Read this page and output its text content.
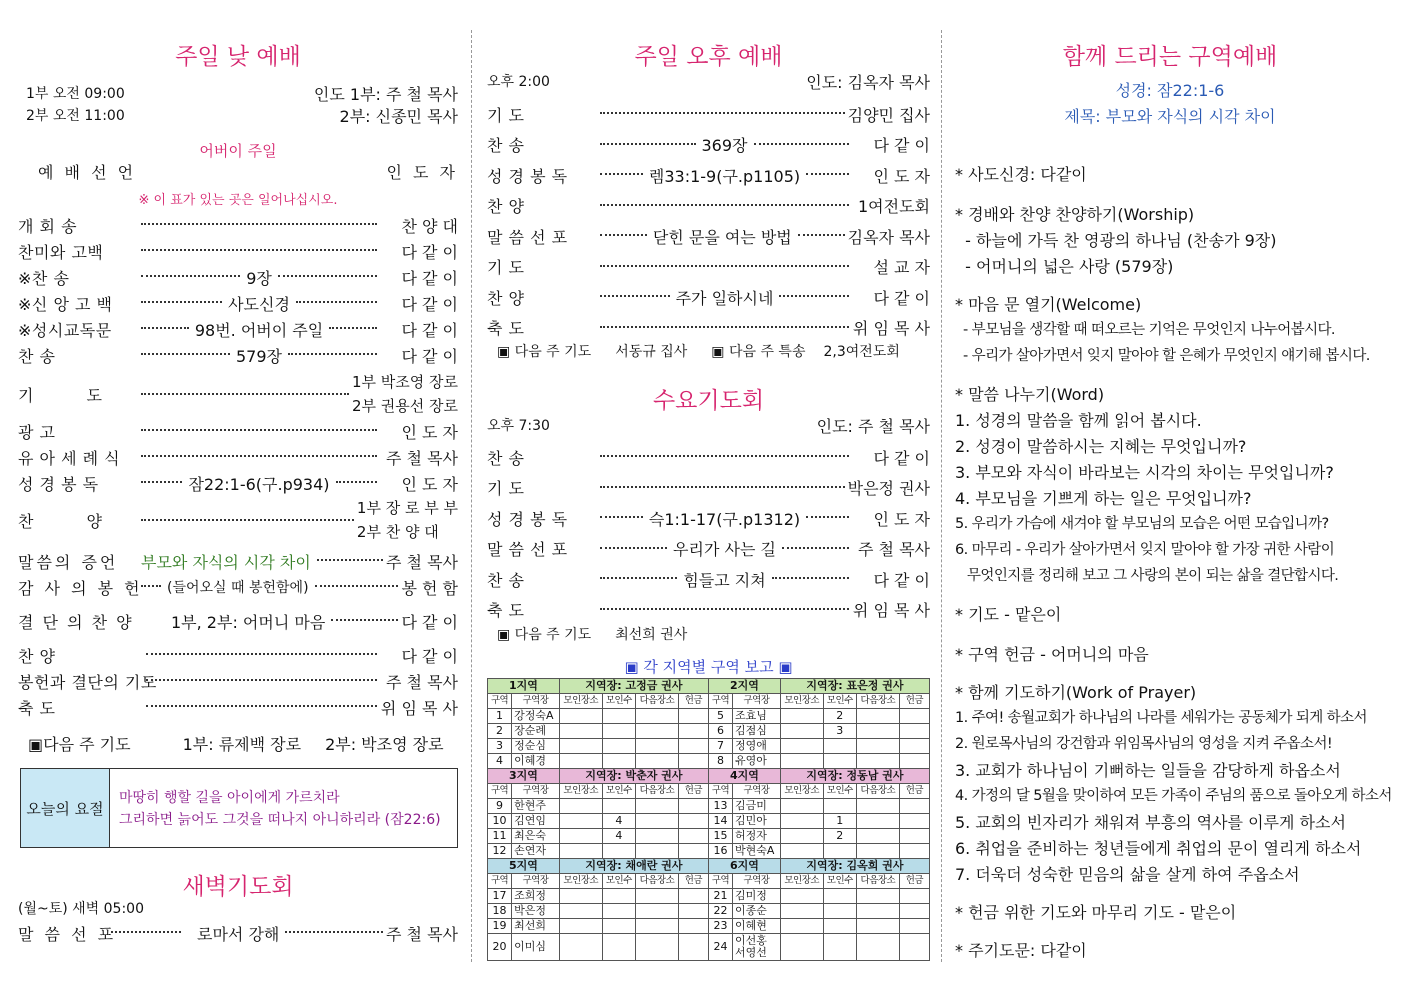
주일 낮 예배
1부 오전 09:00	인도 1부: 주 철 목사
2부 오전 11:00	2부: 신종민 목사
어버이 주일
예 배 선 언	인 도 자
※ 이 표가 있는 곳은 일어나십시오.
개 회 송	찬 양 대
찬미와 고백	다 같 이
※찬 송	9장	다 같 이
※신 앙 고 백	사도신경	다 같 이
※성시교독문	98번. 어버이 주일	다 같 이
찬 송	579장	다 같 이
기 도
1부 박조영 장로
2부 권용선 장로
광 고	인 도 자
유 아 세 례 식	주 철 목사
성 경 봉 독	잠22:1-6(구.p934)	인 도 자
찬 양
1부 장 로 부 부
2부 찬 양 대
말씀의 증언	부모와 자식의 시각 차이	주 철 목사
감 사 의 봉 헌 (들어오실 때 봉헌함에)	봉 헌 함
결 단 의 찬 양 1부, 2부: 어머니 마음	다 같 이
찬 양	다 같 이
봉헌과 결단의 기도	주 철 목사
축 도	위 임 목 사
▣다음 주 기도	1부: 류제백 장로 2부: 박조영 장로
오늘의 요절
마땅히 행할 길을 아이에게 가르치라
그리하면 늙어도 그것을 떠나지 아니하리라 (잠22:6)
새벽기도회
(월~토) 새벽 05:00
말 씀 선 포	로마서 강해	주 철 목사
주일 오후 예배
오후 2:00	인도: 김옥자 목사
기 도	김양민 집사
찬 송	369장	다 같 이
성 경 봉 독	렘33:1-9(구.p1105)	인 도 자
찬 양	1여전도회
말 씀 선 포	닫힌 문을 여는 방법	김옥자 목사
기 도	설 교 자
찬 양	주가 일하시네	다 같 이
축 도	위 임 목 사
▣ 다음 주 기도 서동규 집사 ▣ 다음 주 특송 2,3여전도회
수요기도회
오후 7:30	인도: 주 철 목사
찬 송	다 같 이
기 도	박은정 권사
성 경 봉 독	슥1:1-17(구.p1312)	인 도 자
말 씀 선 포	우리가 사는 길	주 철 목사
찬 송	힘들고 지쳐	다 같 이
축 도	위 임 목 사
▣ 다음 주 기도 최선희 권사
▣ 각 지역별 구역 보고 ▣
1지역		지역장: 고정금 권사				2지역		지역장: 표은정 권사			
구역	구역장	모인장소	모인수	다음장소	헌금	구역	구역장	모인장소	모인수	다음장소	헌금
1	강정숙A					5	조효님		2		
2	장순례					6	김점심		3		
3	정순심					7	정영애				
4	이혜경					8	유영아				
3지역		지역장: 박춘자 권사				4지역		지역장: 정동남 권사			
구역	구역장	모인장소	모인수	다음장소	헌금	구역	구역장	모인장소	모인수	다음장소	헌금
9	한현주					13	김금미				
10	김연임		4			14	김민아		1		
11	최은숙		4			15	허정자		2		
12	손연자					16	박현숙A				
5지역		지역장: 채애란 권사				6지역		지역장: 김옥희 권사			
구역	구역장	모인장소	모인수	다음장소	헌금	구역	구역장	모인장소	모인수	다음장소	헌금
17	조희정					21	김미정				
18	박은정					22	이종순				
19	최선희					23	이혜현				
20	이미심					24	이선홍 서영선				
함께 드리는 구역예배
성경: 잠22:1-6
제목: 부모와 자식의 시각 차이
* 사도신경: 다같이
* 경배와 찬양 찬양하기(Worship)
- 하늘에 가득 찬 영광의 하나님 (찬송가 9장)
- 어머니의 넓은 사랑 (579장)
* 마음 문 열기(Welcome)
- 부모님을 생각할 때 떠오르는 기억은 무엇인지 나누어봅시다.
- 우리가 살아가면서 잊지 말아야 할 은혜가 무엇인지 얘기해 봅시다.
* 말씀 나누기(Word)
1. 성경의 말씀을 함께 읽어 봅시다.
2. 성경이 말씀하시는 지혜는 무엇입니까?
3. 부모와 자식이 바라보는 시각의 차이는 무엇입니까?
4. 부모님을 기쁘게 하는 일은 무엇입니까?
5. 우리가 가슴에 새겨야 할 부모님의 모습은 어떤 모습입니까?
6. 마무리 - 우리가 살아가면서 잊지 말아야 할 가장 귀한 사람이
무엇인지를 정리해 보고 그 사랑의 본이 되는 삶을 결단합시다.
* 기도 - 맡은이
* 구역 헌금 - 어머니의 마음
* 함께 기도하기(Work of Prayer)
1. 주여! 송월교회가 하나님의 나라를 세워가는 공동체가 되게 하소서
2. 원로목사님의 강건함과 위임목사님의 영성을 지켜 주옵소서!
3. 교회가 하나님이 기뻐하는 일들을 감당하게 하옵소서
4. 가정의 달 5월을 맞이하여 모든 가족이 주님의 품으로 돌아오게 하소서
5. 교회의 빈자리가 채워져 부흥의 역사를 이루게 하소서
6. 취업을 준비하는 청년들에게 취업의 문이 열리게 하소서
7. 더욱더 성숙한 믿음의 삶을 살게 하여 주옵소서
* 헌금 위한 기도와 마무리 기도 - 맡은이
* 주기도문: 다같이
